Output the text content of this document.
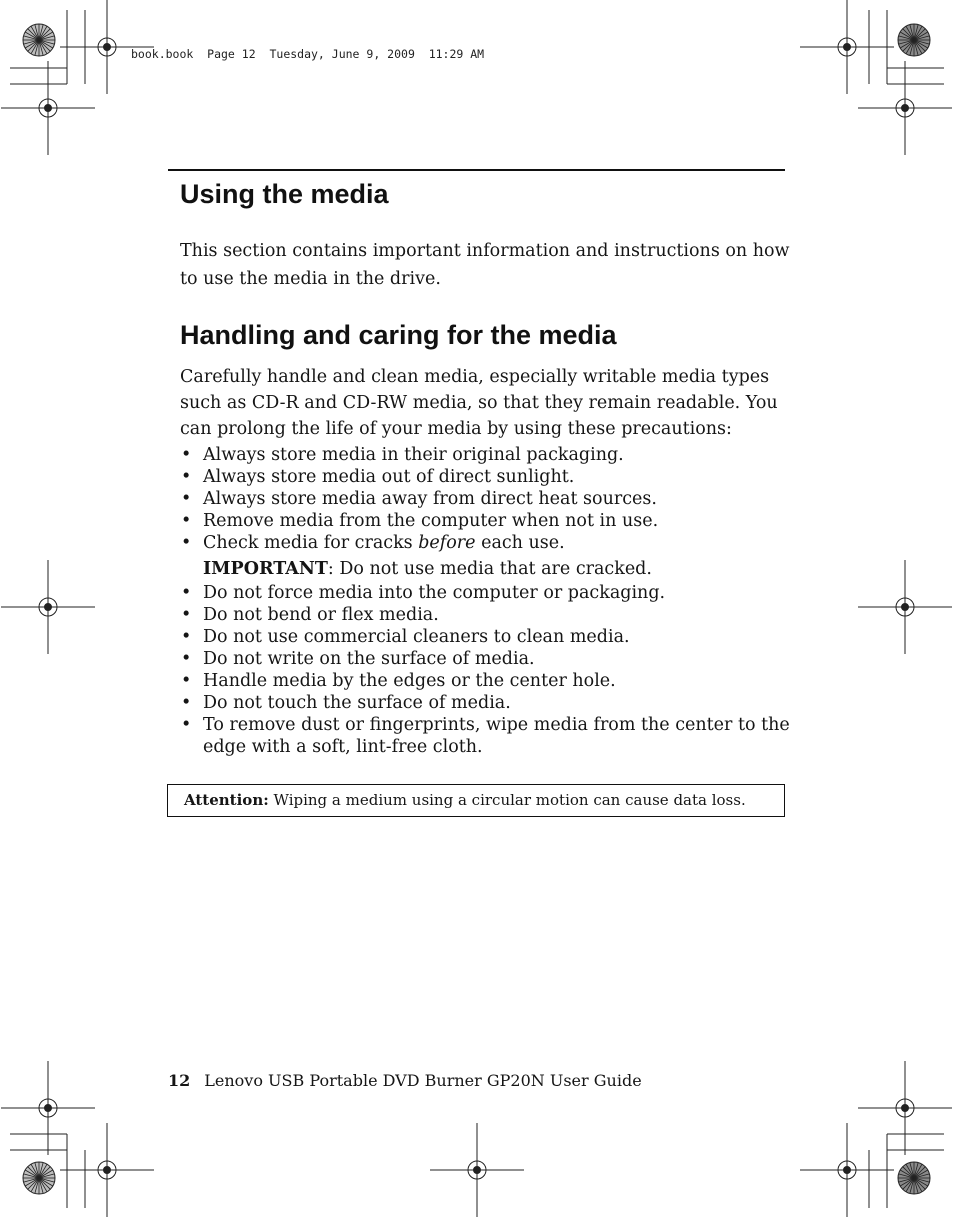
book.book  Page 12  Tuesday, June 9, 2009  11:29 AM
Using the media

This section contains important information and instructions on how to use the media in the drive.

Handling and caring for the media

Carefully handle and clean media, especially writable media types such as CD-R and CD-RW media, so that they remain readable. You can prolong the life of your media by using these precautions:

• Always store media in their original packaging.
• Always store media out of direct sunlight.
• Always store media away from direct heat sources.
• Remove media from the computer when not in use.
• Check media for cracks before each use.
IMPORTANT: Do not use media that are cracked.
• Do not force media into the computer or packaging.
• Do not bend or flex media.
• Do not use commercial cleaners to clean media.
• Do not write on the surface of media.
• Handle media by the edges or the center hole.
• Do not touch the surface of media.
• To remove dust or fingerprints, wipe media from the center to the edge with a soft, lint-free cloth.
Attention: Wiping a medium using a circular motion can cause data loss.
12 Lenovo USB Portable DVD Burner GP20N User Guide
